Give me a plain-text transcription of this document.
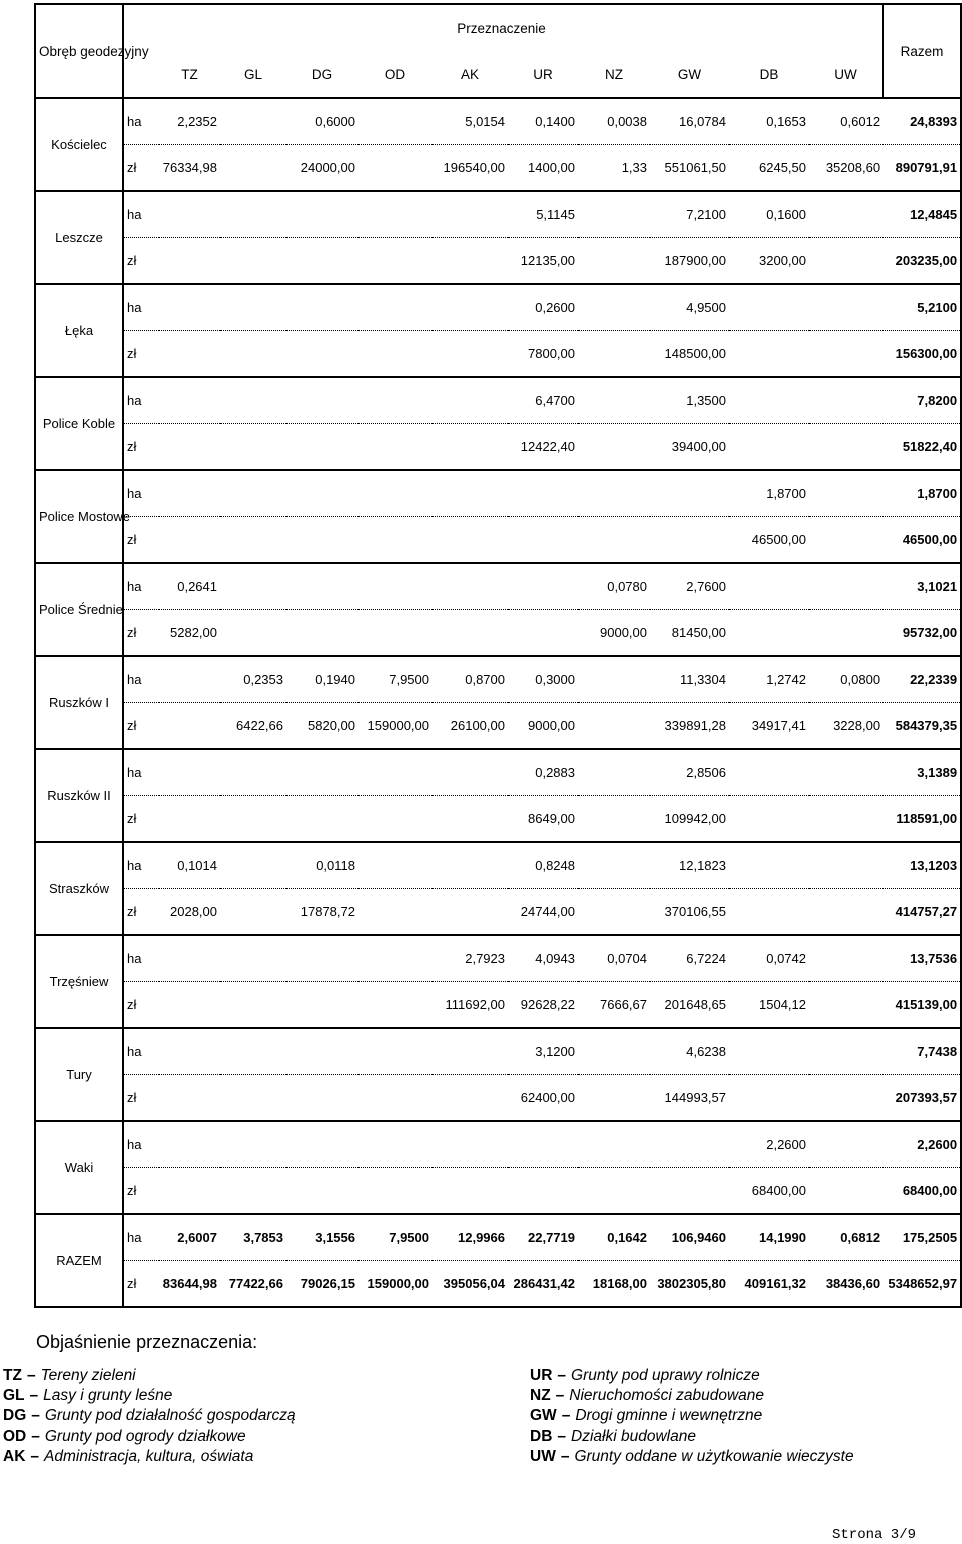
Obręb geodezyjny	Przeznaczenie											Razem
		TZ	GL	DG	OD	AK	UR	NZ	GW	DB	UW	
Kościelec	ha	2,2352		0,6000		5,0154	0,1400	0,0038	16,0784	0,1653	0,6012	24,8393
	zł	76334,98		24000,00		196540,00	1400,00	1,33	551061,50	6245,50	35208,60	890791,91
Leszcze	ha						5,1145		7,2100	0,1600		12,4845
	zł						12135,00		187900,00	3200,00		203235,00
Łęka	ha						0,2600		4,9500			5,2100
	zł						7800,00		148500,00			156300,00
Police Koble	ha						6,4700		1,3500			7,8200
	zł						12422,40		39400,00			51822,40
Police Mostowe	ha									1,8700		1,8700
	zł									46500,00		46500,00
Police Średnie	ha	0,2641						0,0780	2,7600			3,1021
	zł	5282,00						9000,00	81450,00			95732,00
Ruszków I	ha		0,2353	0,1940	7,9500	0,8700	0,3000		11,3304	1,2742	0,0800	22,2339
	zł		6422,66	5820,00	159000,00	26100,00	9000,00		339891,28	34917,41	3228,00	584379,35
Ruszków II	ha						0,2883		2,8506			3,1389
	zł						8649,00		109942,00			118591,00
Straszków	ha	0,1014		0,0118			0,8248		12,1823			13,1203
	zł	2028,00		17878,72			24744,00		370106,55			414757,27
Trzęśniew	ha					2,7923	4,0943	0,0704	6,7224	0,0742		13,7536
	zł					111692,00	92628,22	7666,67	201648,65	1504,12		415139,00
Tury	ha						3,1200		4,6238			7,7438
	zł						62400,00		144993,57			207393,57
Waki	ha									2,2600		2,2600
	zł									68400,00		68400,00
RAZEM	ha	2,6007	3,7853	3,1556	7,9500	12,9966	22,7719	0,1642	106,9460	14,1990	0,6812	175,2505
	zł	83644,98	77422,66	79026,15	159000,00	395056,04	286431,42	18168,00	3802305,80	409161,32	38436,60	5348652,97
Objaśnienie przeznaczenia:
TZ – Tereny zieleni
GL – Lasy i grunty leśne
DG – Grunty pod działalność gospodarczą
OD – Grunty pod ogrody działkowe
AK – Administracja, kultura, oświata
UR – Grunty pod uprawy rolnicze
NZ – Nieruchomości zabudowane
GW – Drogi gminne i wewnętrzne
DB – Działki budowlane
UW – Grunty oddane w użytkowanie wieczyste
Strona 3/9
